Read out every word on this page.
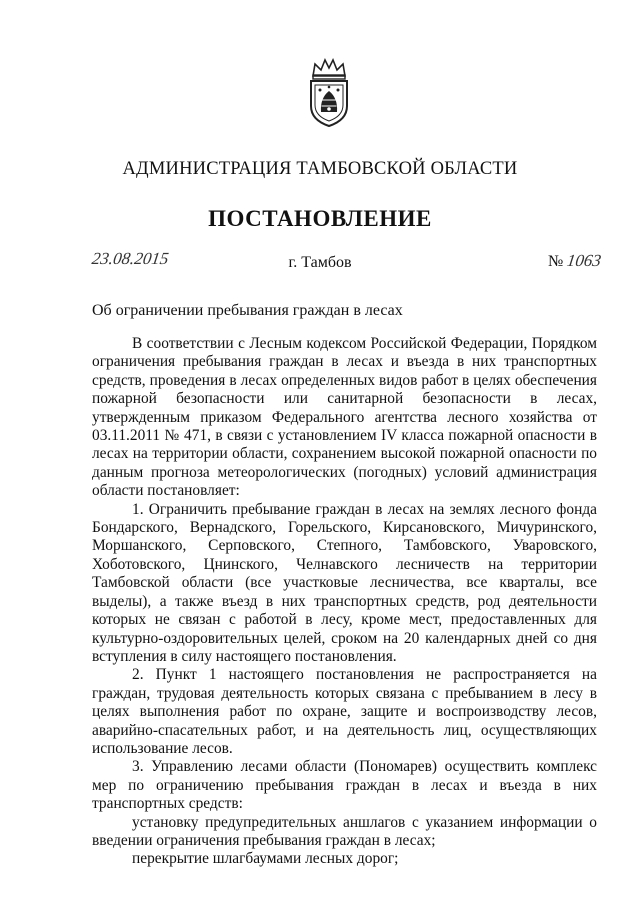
АДМИНИСТРАЦИЯ ТАМБОВСКОЙ ОБЛАСТИ
ПОСТАНОВЛЕНИЕ
23.08.2015	г. Тамбов	№ 1063
Об ограничении пребывания граждан в лесах

В соответствии с Лесным кодексом Российской Федерации, Порядком ограничения пребывания граждан в лесах и въезда в них транспортных средств, проведения в лесах определенных видов работ в целях обеспечения пожарной безопасности или санитарной безопасности в лесах, утвержденным приказом Федерального агентства лесного хозяйства от 03.11.2011 № 471, в связи с установлением IV класса пожарной опасности в лесах на территории области, сохранением высокой пожарной опасности по данным прогноза метеорологических (погодных) условий администрация области постановляет:

1. Ограничить пребывание граждан в лесах на землях лесного фонда Бондарского, Вернадского, Горельского, Кирсановского, Мичуринского, Моршанского, Серповского, Степного, Тамбовского, Уваровского, Хоботовского, Цнинского, Челнавского лесничеств на территории Тамбовской области (все участковые лесничества, все кварталы, все выделы), а также въезд в них транспортных средств, род деятельности которых не связан с работой в лесу, кроме мест, предоставленных для культурно-оздоровительных целей, сроком на 20 календарных дней со дня вступления в силу настоящего постановления.

2. Пункт 1 настоящего постановления не распространяется на граждан, трудовая деятельность которых связана с пребыванием в лесу в целях выполнения работ по охране, защите и воспроизводству лесов, аварийно-спасательных работ, и на деятельность лиц, осуществляющих использование лесов.

3. Управлению лесами области (Пономарев) осуществить комплекс мер по ограничению пребывания граждан в лесах и въезда в них транспортных средств:

установку предупредительных аншлагов с указанием информации о введении ограничения пребывания граждан в лесах;

перекрытие шлагбаумами лесных дорог;
